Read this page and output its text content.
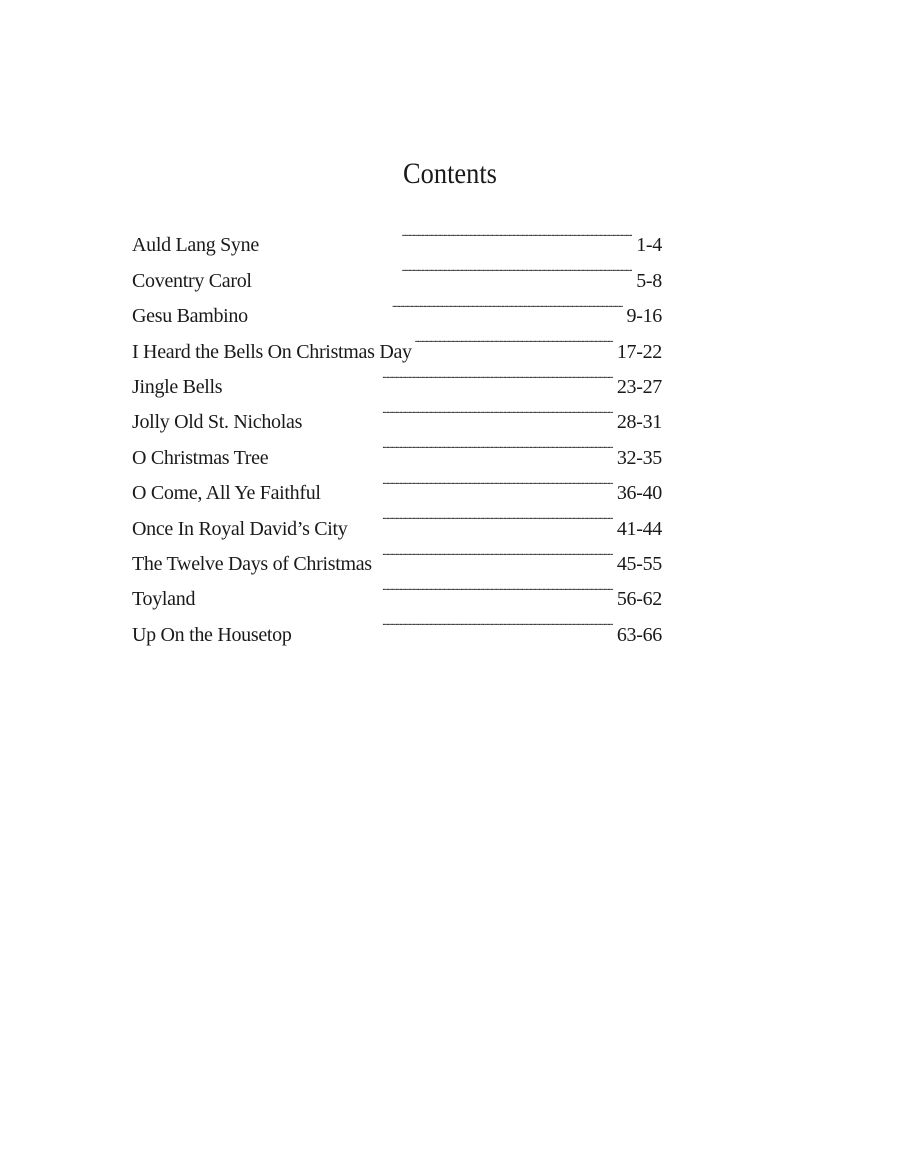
Contents
Auld Lang Syne . . .	1-4
Coventry Carol . . .	5-8
Gesu Bambino . . .	9-16
I Heard the Bells On Christmas Day . . .	17-22
Jingle Bells . . .	23-27
Jolly Old St. Nicholas . . .	28-31
O Christmas Tree . . .	32-35
O Come, All Ye Faithful . . .	36-40
Once In Royal David’s City . . .	41-44
The Twelve Days of Christmas . . .	45-55
Toyland . . .	56-62
Up On the Housetop . . .	63-66
